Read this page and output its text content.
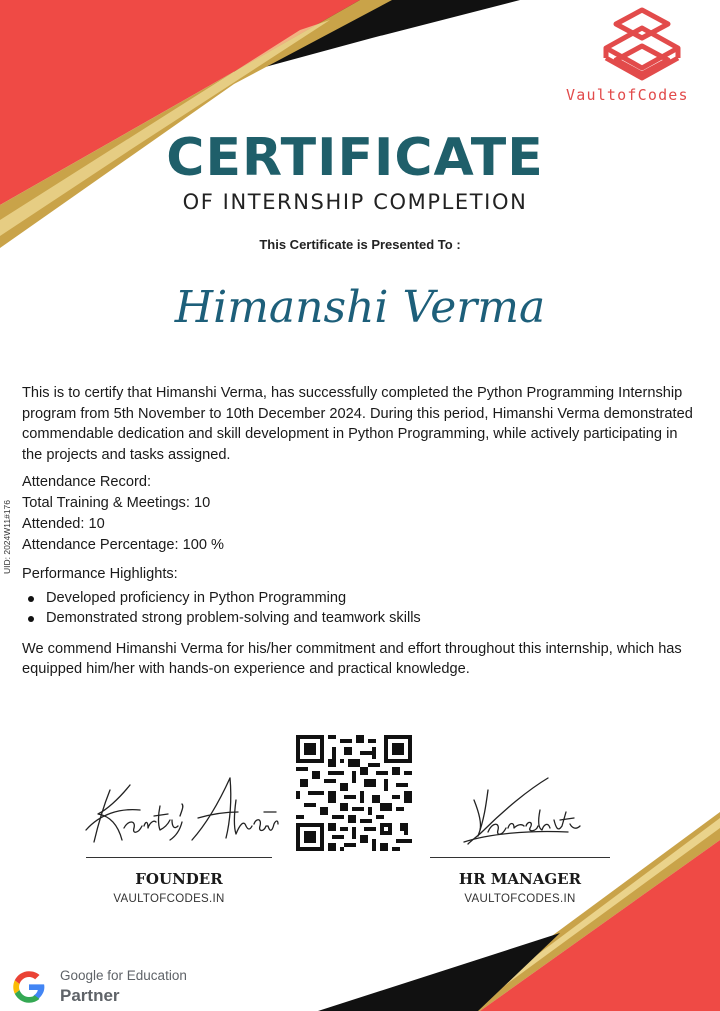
VaultofCodes
CERTIFICATE
OF INTERNSHIP COMPLETION
This Certificate is Presented To :
Himanshi Verma

This is to certify that Himanshi Verma, has successfully completed the Python Programming Internship program from 5th November to 10th December 2024. During this period, Himanshi Verma demonstrated commendable dedication and skill development in Python Programming, while actively participating in the projects and tasks assigned.

Attendance Record:
Total Training & Meetings: 10
Attended: 10
Attendance Percentage: 100 %

Performance Highlights:

Developed proficiency in Python Programming
Demonstrated strong problem-solving and teamwork skills

We commend Himanshi Verma for his/her commitment and effort throughout this internship, which has equipped him/her with hands-on experience and practical knowledge.

UID: 2024W11#176
FOUNDER
VAULTOFCODES.IN
HR MANAGER
VAULTOFCODES.IN
Google for Education
Partner
